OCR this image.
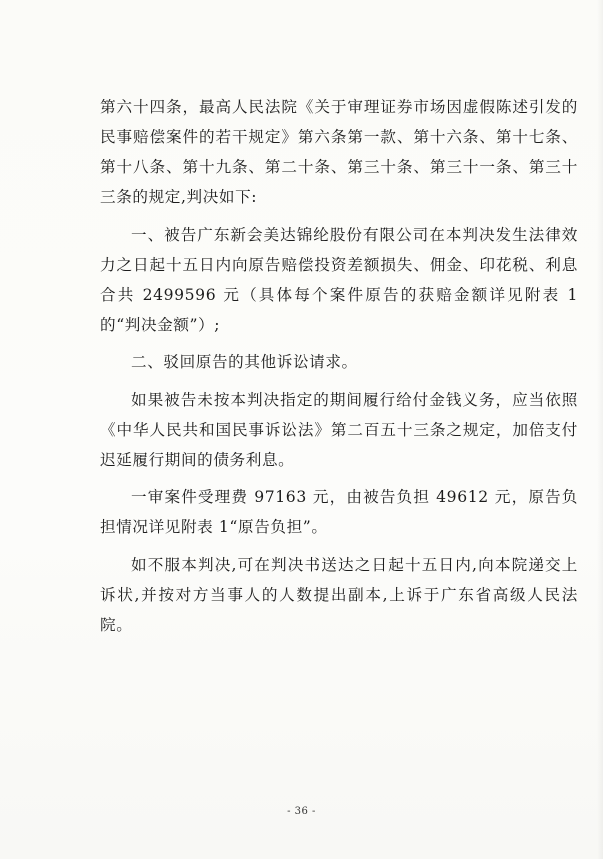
第六十四条，最高人民法院《关于审理证券市场因虚假陈述引发的民事赔偿案件的若干规定》第六条第一款、第十六条、第十七条、第十八条、第十九条、第二十条、第三十条、第三十一条、第三十三条的规定,判决如下:

一、被告广东新会美达锦纶股份有限公司在本判决发生法律效力之日起十五日内向原告赔偿投资差额损失、佣金、印花税、利息合共 2499596 元（具体每个案件原告的获赔金额详见附表 1的“判决金额”）;

二、驳回原告的其他诉讼请求。

如果被告未按本判决指定的期间履行给付金钱义务，应当依照《中华人民共和国民事诉讼法》第二百五十三条之规定，加倍支付迟延履行期间的债务利息。

一审案件受理费 97163 元，由被告负担 49612 元，原告负担情况详见附表 1“原告负担”。

如不服本判决,可在判决书送达之日起十五日内,向本院递交上诉状,并按对方当事人的人数提出副本,上诉于广东省高级人民法院。

- 36 -
